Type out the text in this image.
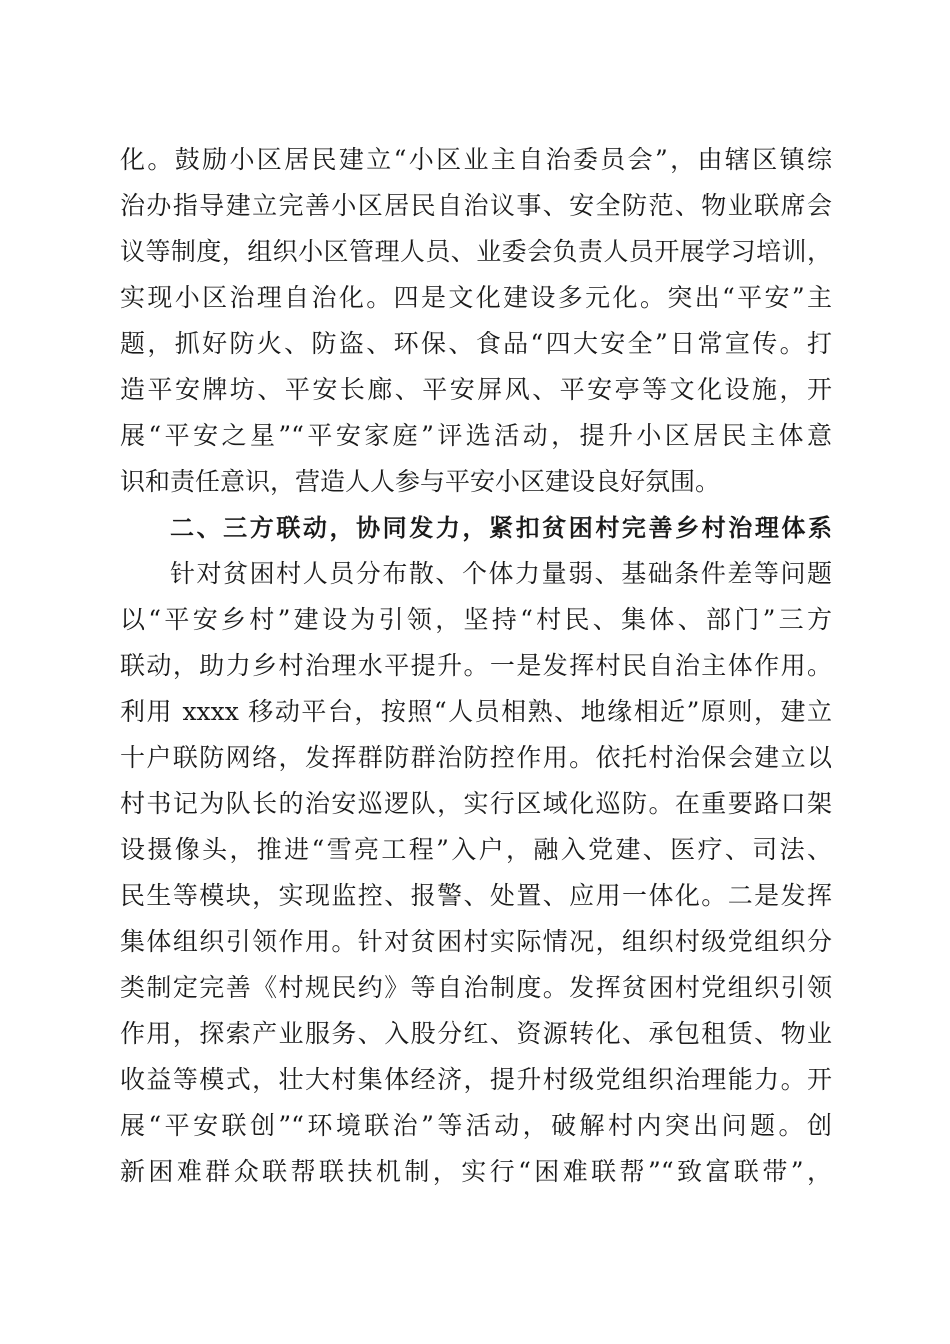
化。鼓励小区居民建立“小区业主自治委员会”，由辖区镇综
治办指导建立完善小区居民自治议事、安全防范、物业联席会
议等制度，组织小区管理人员、业委会负责人员开展学习培训，
实现小区治理自治化。四是文化建设多元化。突出“平安”主
题，抓好防火、防盗、环保、食品“四大安全”日常宣传。打
造平安牌坊、平安长廊、平安屏风、平安亭等文化设施，开
展“平安之星”“平安家庭”评选活动，提升小区居民主体意
识和责任意识，营造人人参与平安小区建设良好氛围。
二、三方联动，协同发力，紧扣贫困村完善乡村治理体系
针对贫困村人员分布散、个体力量弱、基础条件差等问题
以“平安乡村”建设为引领，坚持“村民、集体、部门”三方
联动，助力乡村治理水平提升。一是发挥村民自治主体作用。
利用 xxxx 移动平台，按照“人员相熟、地缘相近”原则，建立
十户联防网络，发挥群防群治防控作用。依托村治保会建立以
村书记为队长的治安巡逻队，实行区域化巡防。在重要路口架
设摄像头，推进“雪亮工程”入户，融入党建、医疗、司法、
民生等模块，实现监控、报警、处置、应用一体化。二是发挥
集体组织引领作用。针对贫困村实际情况，组织村级党组织分
类制定完善《村规民约》等自治制度。发挥贫困村党组织引领
作用，探索产业服务、入股分红、资源转化、承包租赁、物业
收益等模式，壮大村集体经济，提升村级党组织治理能力。开
展“平安联创”“环境联治”等活动，破解村内突出问题。创
新困难群众联帮联扶机制，实行“困难联帮”“致富联带”，
